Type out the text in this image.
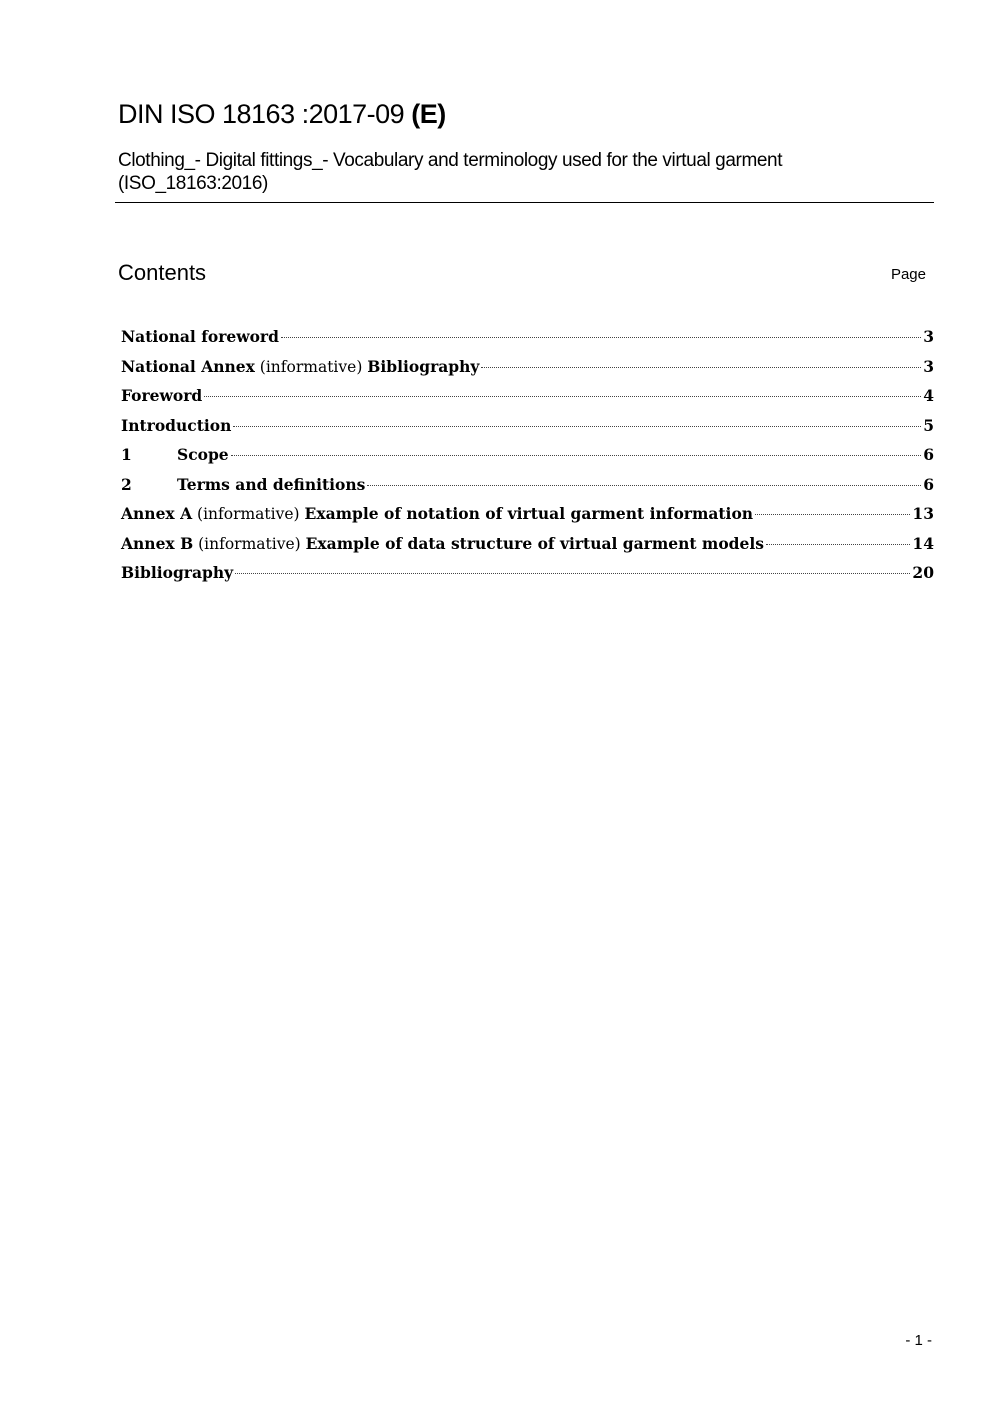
DIN ISO 18163 :2017-09 (E)
Clothing_- Digital fittings_- Vocabulary and terminology used for the virtual garment (ISO_18163:2016)
Contents	Page
National foreword	3
National Annex (informative) Bibliography	3
Foreword	4
Introduction	5
1	Scope	6
2	Terms and definitions	6
Annex A (informative) Example of notation of virtual garment information	13
Annex B (informative) Example of data structure of virtual garment models	14
Bibliography	20
- 1 -
